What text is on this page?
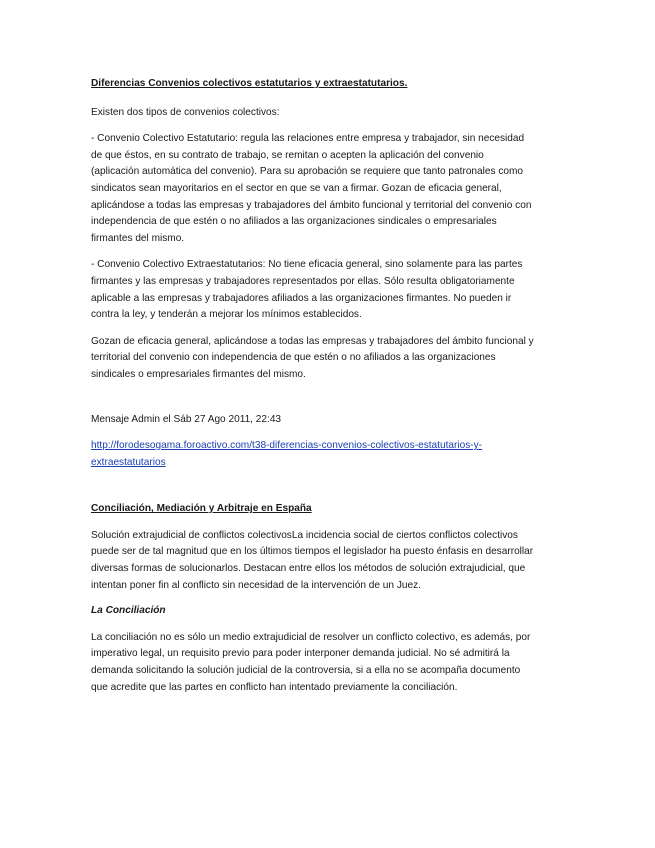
Diferencias Convenios colectivos estatutarios y extraestatutarios.

Existen dos tipos de convenios colectivos:

- Convenio Colectivo Estatutario: regula las relaciones entre empresa y trabajador, sin necesidad

de que éstos, en su contrato de trabajo, se remitan o acepten la aplicación del convenio

(aplicación automática del convenio). Para su aprobación se requiere que tanto patronales como

sindicatos sean mayoritarios en el sector en que se van a firmar. Gozan de eficacia general,

aplicándose a todas las empresas y trabajadores del ámbito funcional y territorial del convenio con

independencia de que estén o no afiliados a las organizaciones sindicales o empresariales

firmantes del mismo.

- Convenio Colectivo Extraestatutarios: No tiene eficacia general, sino solamente para las partes

firmantes y las empresas y trabajadores representados por ellas. Sólo resulta obligatoriamente

aplicable a las empresas y trabajadores afiliados a las organizaciones firmantes. No pueden ir

contra la ley, y tenderán a mejorar los mínimos establecidos.

Gozan de eficacia general, aplicándose a todas las empresas y trabajadores del ámbito funcional y

territorial del convenio con independencia de que estén o no afiliados a las organizaciones

sindicales o empresariales firmantes del mismo.

Mensaje Admin el Sáb 27 Ago 2011, 22:43

http://forodesogama.foroactivo.com/t38-diferencias-convenios-colectivos-estatutarios-y-

extraestatutarios

Conciliación, Mediación y Arbitraje en España

Solución extrajudicial de conflictos colectivosLa incidencia social de ciertos conflictos colectivos

puede ser de tal magnitud que en los últimos tiempos el legislador ha puesto énfasis en desarrollar

diversas formas de solucionarlos. Destacan entre ellos los métodos de solución extrajudicial, que

intentan poner fin al conflicto sin necesidad de la intervención de un Juez.

La Conciliación

La conciliación no es sólo un medio extrajudicial de resolver un conflicto colectivo, es además, por

imperativo legal, un requisito previo para poder interponer demanda judicial. No sé admitirá la

demanda solicitando la solución judicial de la controversia, si a ella no se acompaña documento

que acredite que las partes en conflicto han intentado previamente la conciliación.
